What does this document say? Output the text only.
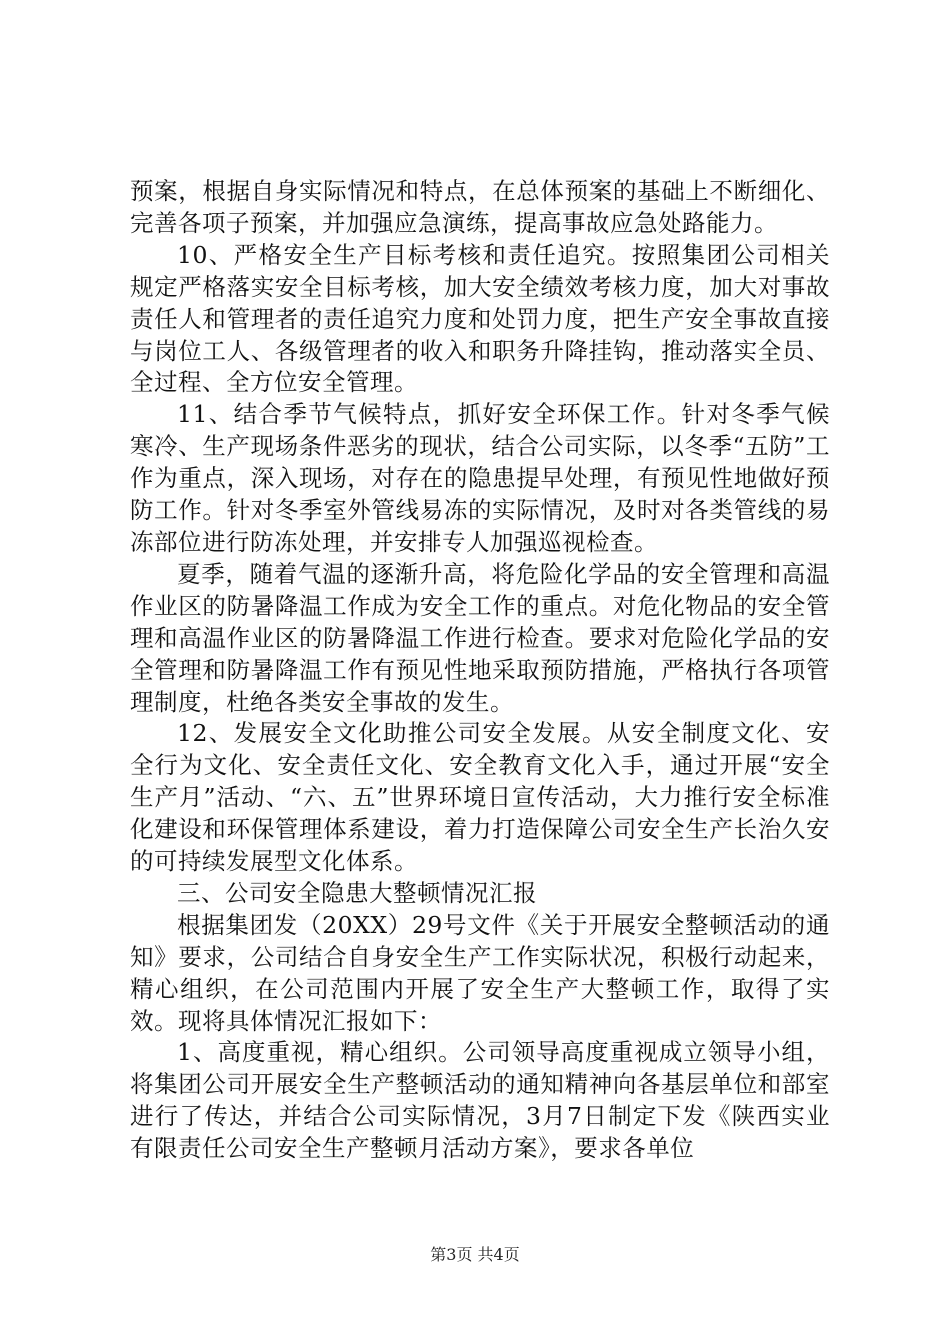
预案，根据自身实际情况和特点，在总体预案的基础上不断细化、完善各项子预案，并加强应急演练，提高事故应急处路能力。

10、严格安全生产目标考核和责任追究。按照集团公司相关规定严格落实安全目标考核，加大安全绩效考核力度，加大对事故责任人和管理者的责任追究力度和处罚力度，把生产安全事故直接与岗位工人、各级管理者的收入和职务升降挂钩，推动落实全员、全过程、全方位安全管理。

11、结合季节气候特点，抓好安全环保工作。针对冬季气候寒冷、生产现场条件恶劣的现状，结合公司实际，以冬季“五防”工作为重点，深入现场，对存在的隐患提早处理，有预见性地做好预防工作。针对冬季室外管线易冻的实际情况，及时对各类管线的易冻部位进行防冻处理，并安排专人加强巡视检查。

夏季，随着气温的逐渐升高，将危险化学品的安全管理和高温作业区的防暑降温工作成为安全工作的重点。对危化物品的安全管理和高温作业区的防暑降温工作进行检查。要求对危险化学品的安全管理和防暑降温工作有预见性地采取预防措施，严格执行各项管理制度，杜绝各类安全事故的发生。

12、发展安全文化助推公司安全发展。从安全制度文化、安全行为文化、安全责任文化、安全教育文化入手，通过开展“安全生产月”活动、“六、五”世界环境日宣传活动，大力推行安全标准化建设和环保管理体系建设，着力打造保障公司安全生产长治久安的可持续发展型文化体系。

三、公司安全隐患大整顿情况汇报

根据集团发（20XX）29号文件《关于开展安全整顿活动的通知》要求，公司结合自身安全生产工作实际状况，积极行动起来，精心组织，在公司范围内开展了安全生产大整顿工作，取得了实效。现将具体情况汇报如下：

1、高度重视，精心组织。公司领导高度重视成立领导小组，将集团公司开展安全生产整顿活动的通知精神向各基层单位和部室进行了传达，并结合公司实际情况，3月7日制定下发《陕西实业有限责任公司安全生产整顿月活动方案》，要求各单位

第3页 共4页
